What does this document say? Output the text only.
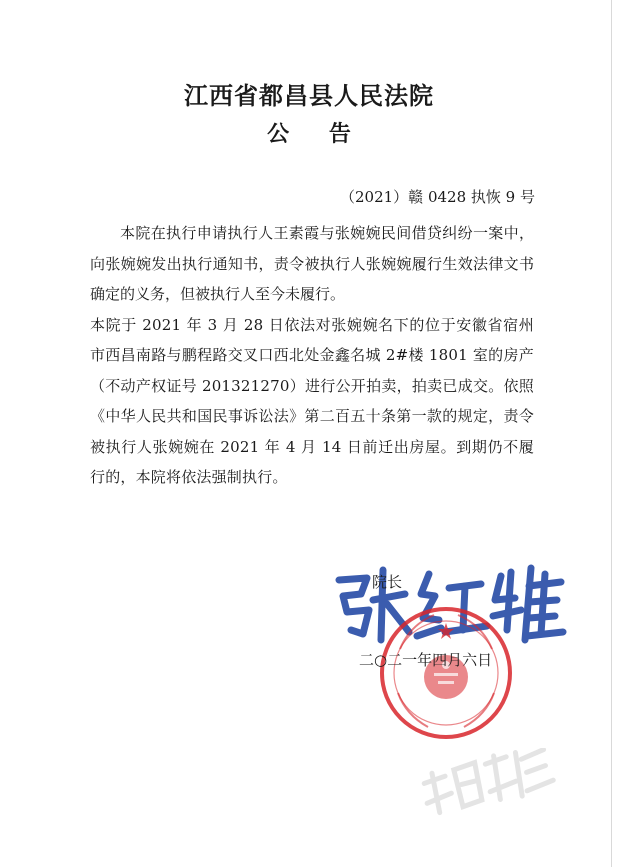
江西省都昌县人民法院
公 告
（2021）赣 0428 执恢 9 号

本院在执行申请执行人王素霞与张婉婉民间借贷纠纷一案中，向张婉婉发出执行通知书，责令被执行人张婉婉履行生效法律文书确定的义务，但被执行人至今未履行。

本院于 2021 年 3 月 28 日依法对张婉婉名下的位于安徽省宿州市西昌南路与鹏程路交叉口西北处金鑫名城 2#楼 1801 室的房产（不动产权证号 201321270）进行公开拍卖，拍卖已成交。依照《中华人民共和国民事诉讼法》第二百五十条第一款的规定，责令被执行人张婉婉在 2021 年 4 月 14 日前迁出房屋。到期仍不履行的，本院将依法强制执行。

院长
二○二一年四月六日
